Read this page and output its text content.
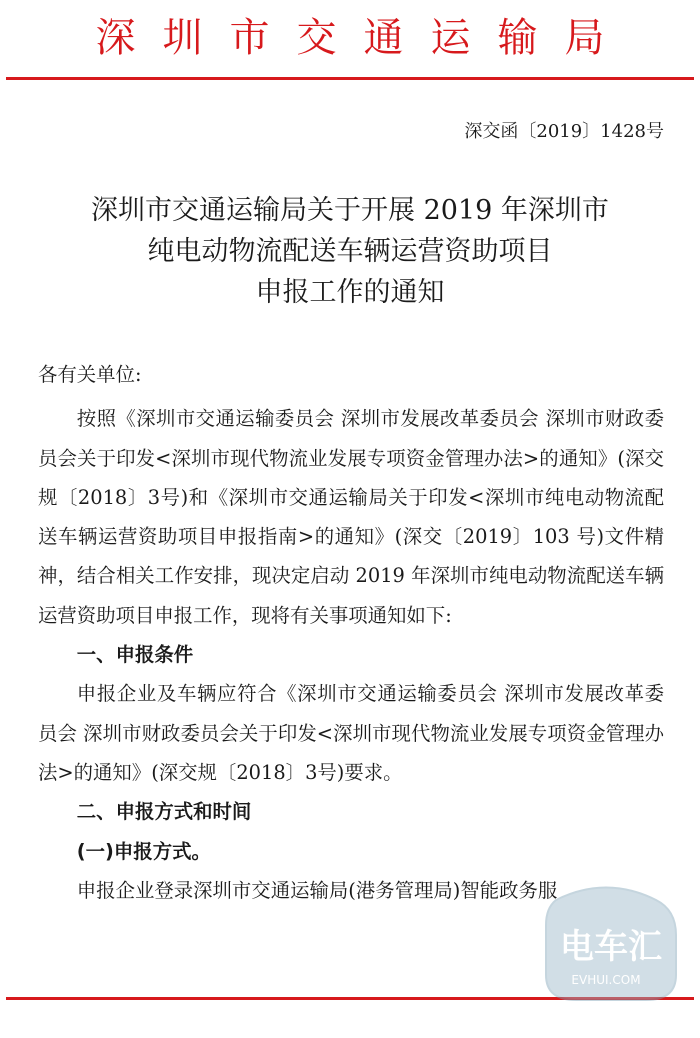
深圳市交通运输局
深交函〔2019〕1428号
深圳市交通运输局关于开展 2019 年深圳市
纯电动物流配送车辆运营资助项目
申报工作的通知

各有关单位:

按照《深圳市交通运输委员会 深圳市发展改革委员会 深圳市财政委员会关于印发<深圳市现代物流业发展专项资金管理办法>的通知》(深交规〔2018〕3号)和《深圳市交通运输局关于印发<深圳市纯电动物流配送车辆运营资助项目申报指南>的通知》(深交〔2019〕103 号)文件精神，结合相关工作安排，现决定启动 2019 年深圳市纯电动物流配送车辆运营资助项目申报工作，现将有关事项通知如下:

一、申报条件

申报企业及车辆应符合《深圳市交通运输委员会 深圳市发展改革委员会 深圳市财政委员会关于印发<深圳市现代物流业发展专项资金管理办法>的通知》(深交规〔2018〕3号)要求。

二、申报方式和时间

(一)申报方式。

申报企业登录深圳市交通运输局(港务管理局)智能政务服

电车汇
EVHUI.COM
